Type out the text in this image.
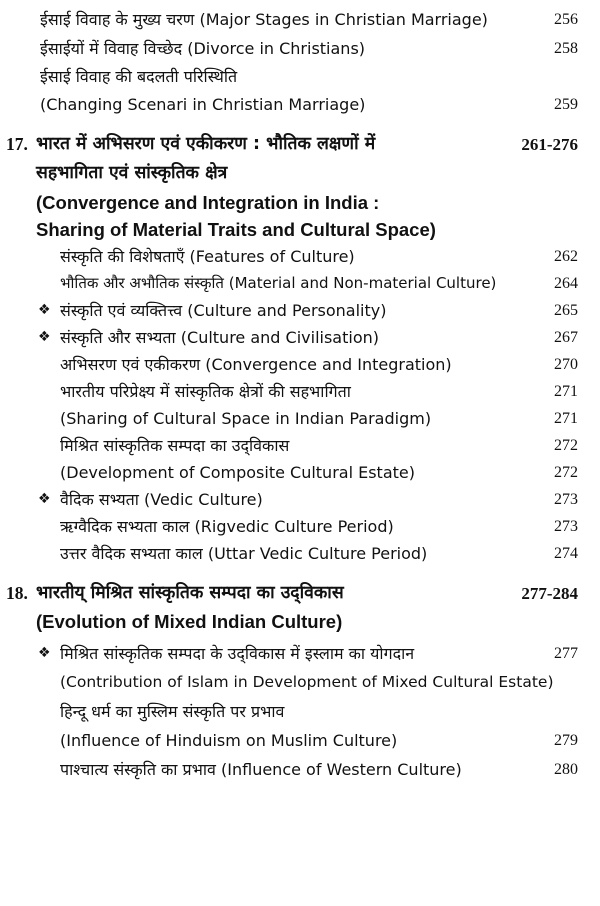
ईसाई विवाह के मुख्य चरण (Major Stages in Christian Marriage)	256
ईसाईयों में विवाह विच्छेद (Divorce in Christians)	258
ईसाई विवाह की बदलती परिस्थिति
(Changing Scenari in Christian Marriage)	259
17. भारत में अभिसरण एवं एकीकरण : भौतिक लक्षणों में	261-276
सहभागिता एवं सांस्कृतिक क्षेत्र
(Convergence and Integration in India :
Sharing of Material Traits and Cultural Space)
संस्कृति की विशेषताएँ (Features of Culture)	262
भौतिक और अभौतिक संस्कृति (Material and Non-material Culture)	264
❖ संस्कृति एवं व्यक्तित्त्व (Culture and Personality)	265
❖ संस्कृति और सभ्यता (Culture and Civilisation)	267
अभिसरण एवं एकीकरण (Convergence and Integration)	270
भारतीय परिप्रेक्ष्य में सांस्कृतिक क्षेत्रों की सहभागिता	271
(Sharing of Cultural Space in Indian Paradigm)	271
मिश्रित सांस्कृतिक सम्पदा का उद्‌विकास	272
(Development of Composite Cultural Estate)	272
❖ वैदिक सभ्यता (Vedic Culture)	273
ऋग्वैदिक सभ्यता काल (Rigvedic Culture Period)	273
उत्तर वैदिक सभ्यता काल (Uttar Vedic Culture Period)	274
18. भारतीय् मिश्रित सांस्कृतिक सम्पदा का उद्‌विकास	277-284
(Evolution of Mixed Indian Culture)
❖ मिश्रित सांस्कृतिक सम्पदा के उद्‌विकास में इस्लाम का योगदान	277
(Contribution of Islam in Development of Mixed Cultural Estate)
हिन्दू धर्म का मुस्लिम संस्कृति पर प्रभाव
(Influence of Hinduism on Muslim Culture)	279
पाश्चात्य संस्कृति का प्रभाव (Influence of Western Culture)	280
